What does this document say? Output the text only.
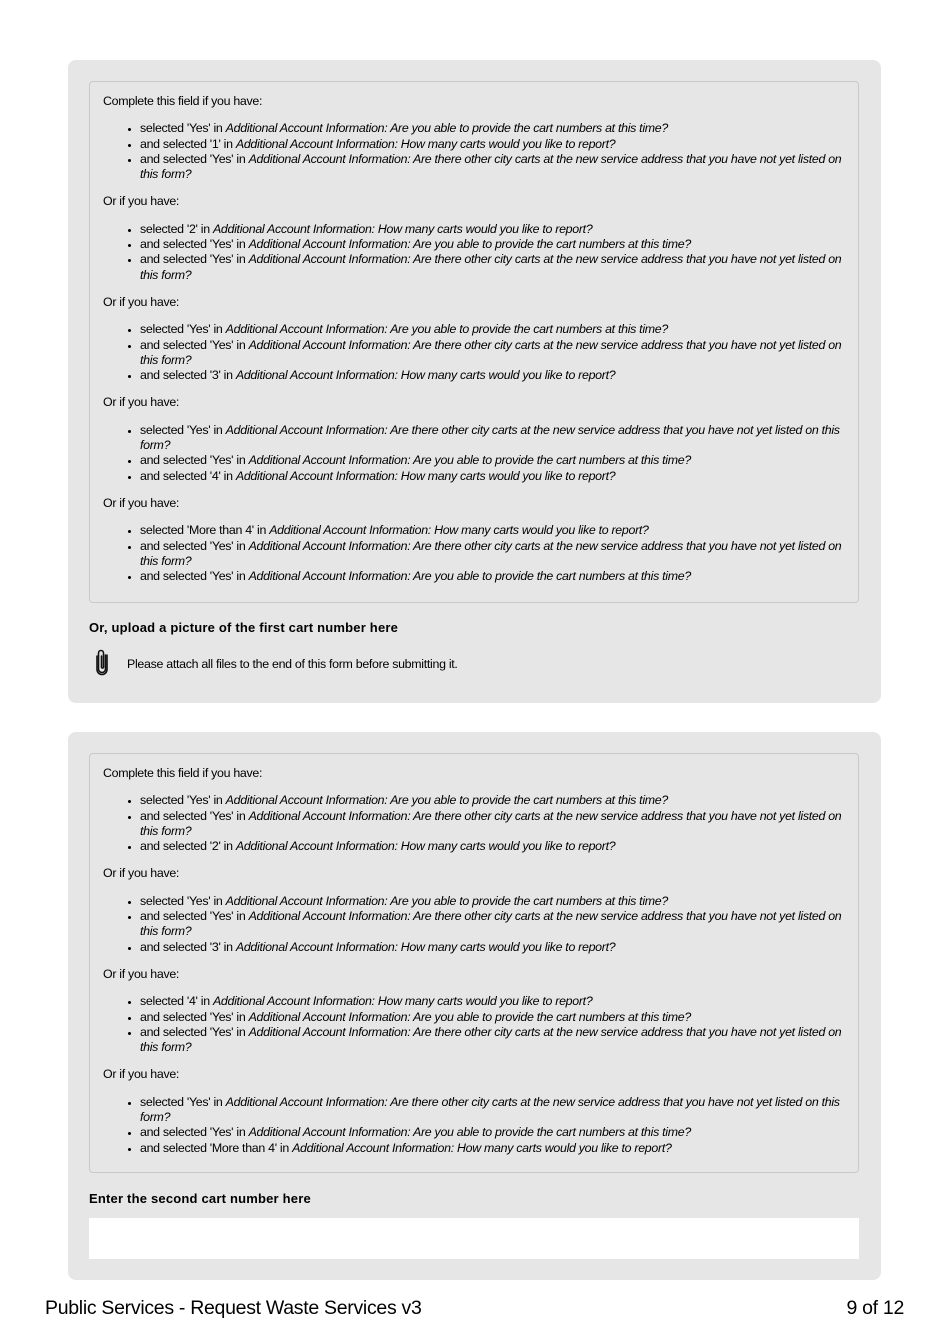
Complete this field if you have:

• selected 'Yes' in Additional Account Information: Are you able to provide the cart numbers at this time?
• and selected '1' in Additional Account Information: How many carts would you like to report?
• and selected 'Yes' in Additional Account Information: Are there other city carts at the new service address that you have not yet listed on this form?

Or if you have:

• selected '2' in Additional Account Information: How many carts would you like to report?
• and selected 'Yes' in Additional Account Information: Are you able to provide the cart numbers at this time?
• and selected 'Yes' in Additional Account Information: Are there other city carts at the new service address that you have not yet listed on this form?

Or if you have:

• selected 'Yes' in Additional Account Information: Are you able to provide the cart numbers at this time?
• and selected 'Yes' in Additional Account Information: Are there other city carts at the new service address that you have not yet listed on this form?
• and selected '3' in Additional Account Information: How many carts would you like to report?

Or if you have:

• selected 'Yes' in Additional Account Information: Are there other city carts at the new service address that you have not yet listed on this form?
• and selected 'Yes' in Additional Account Information: Are you able to provide the cart numbers at this time?
• and selected '4' in Additional Account Information: How many carts would you like to report?

Or if you have:

• selected 'More than 4' in Additional Account Information: How many carts would you like to report?
• and selected 'Yes' in Additional Account Information: Are there other city carts at the new service address that you have not yet listed on this form?
• and selected 'Yes' in Additional Account Information: Are you able to provide the cart numbers at this time?
Or, upload a picture of the first cart number here
Please attach all files to the end of this form before submitting it.

Complete this field if you have:

• selected 'Yes' in Additional Account Information: Are you able to provide the cart numbers at this time?
• and selected 'Yes' in Additional Account Information: Are there other city carts at the new service address that you have not yet listed on this form?
• and selected '2' in Additional Account Information: How many carts would you like to report?

Or if you have:

• selected 'Yes' in Additional Account Information: Are you able to provide the cart numbers at this time?
• and selected 'Yes' in Additional Account Information: Are there other city carts at the new service address that you have not yet listed on this form?
• and selected '3' in Additional Account Information: How many carts would you like to report?

Or if you have:

• selected '4' in Additional Account Information: How many carts would you like to report?
• and selected 'Yes' in Additional Account Information: Are you able to provide the cart numbers at this time?
• and selected 'Yes' in Additional Account Information: Are there other city carts at the new service address that you have not yet listed on this form?

Or if you have:

• selected 'Yes' in Additional Account Information: Are there other city carts at the new service address that you have not yet listed on this form?
• and selected 'Yes' in Additional Account Information: Are you able to provide the cart numbers at this time?
• and selected 'More than 4' in Additional Account Information: How many carts would you like to report?
Enter the second cart number here
Public Services - Request Waste Services v3	9 of 12
